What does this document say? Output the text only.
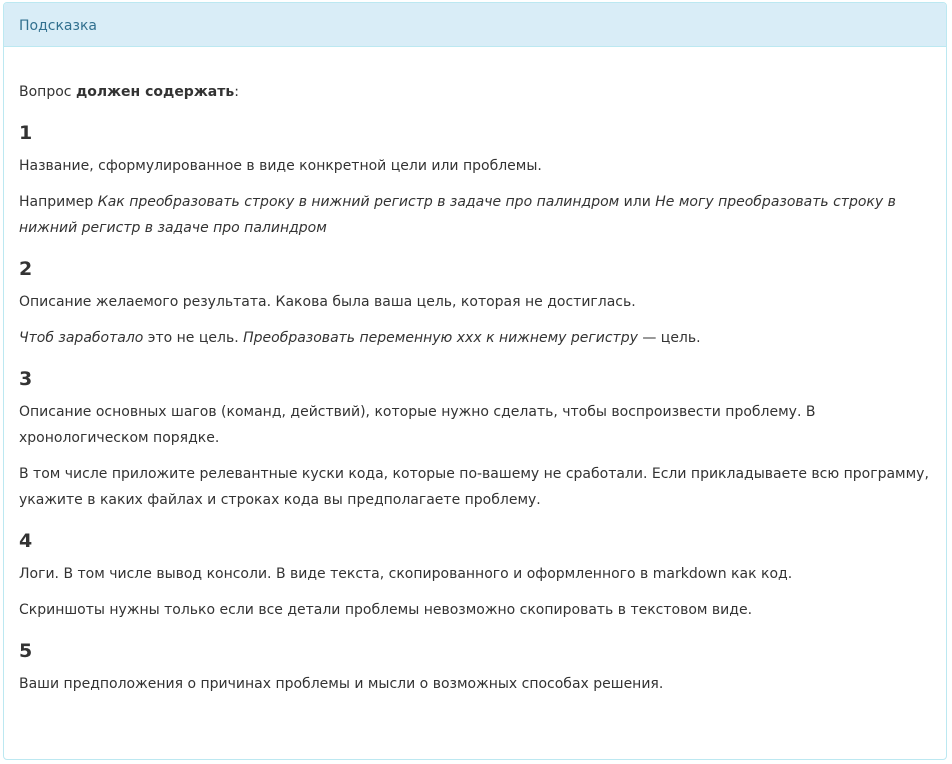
Подсказка

Вопрос должен содержать:

1

Название, сформулированное в виде конкретной цели или проблемы.

Например Как преобразовать строку в нижний регистр в задаче про палиндром или Не могу преобразовать строку в нижний регистр в задаче про палиндром

2

Описание желаемого результата. Какова была ваша цель, которая не достиглась.

Чтоб заработало это не цель. Преобразовать переменную xxx к нижнему регистру — цель.

3

Описание основных шагов (команд, действий), которые нужно сделать, чтобы воспроизвести проблему. В хронологическом порядке.

В том числе приложите релевантные куски кода, которые по-вашему не сработали. Если прикладываете всю программу, укажите в каких файлах и строках кода вы предполагаете проблему.

4

Логи. В том числе вывод консоли. В виде текста, скопированного и оформленного в markdown как код.

Скриншоты нужны только если все детали проблемы невозможно скопировать в текстовом виде.

5

Ваши предположения о причинах проблемы и мысли о возможных способах решения.
